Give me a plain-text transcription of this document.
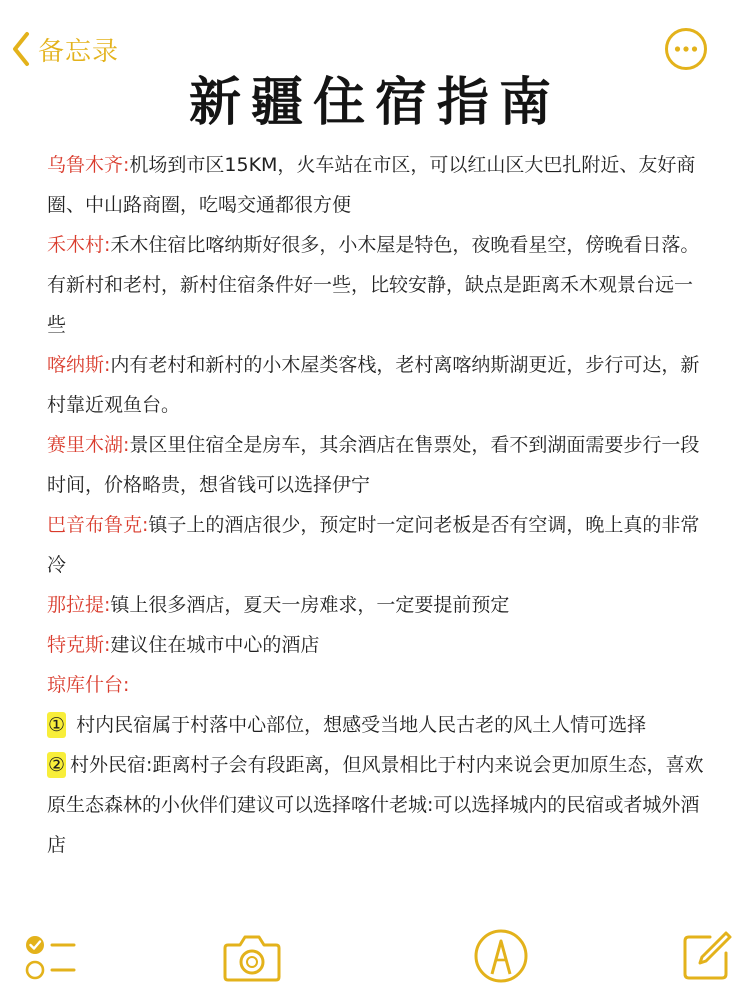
备忘录
新疆住宿指南

乌鲁木齐:机场到市区15KM，火车站在市区，可以红山区大巴扎附近、友好商圈、中山路商圈，吃喝交通都很方便

禾木村:禾木住宿比喀纳斯好很多，小木屋是特色，夜晚看星空，傍晚看日落。有新村和老村，新村住宿条件好一些，比较安静，缺点是距离禾木观景台远一些

喀纳斯:内有老村和新村的小木屋类客栈，老村离喀纳斯湖更近，步行可达，新村靠近观鱼台。

赛里木湖:景区里住宿全是房车，其余酒店在售票处，看不到湖面需要步行一段时间，价格略贵，想省钱可以选择伊宁

巴音布鲁克:镇子上的酒店很少，预定时一定问老板是否有空调，晚上真的非常冷

那拉提:镇上很多酒店，夏天一房难求，一定要提前预定

特克斯:建议住在城市中心的酒店

琼库什台:

① 村内民宿属于村落中心部位，想感受当地人民古老的风土人情可选择

② 村外民宿:距离村子会有段距离，但风景相比于村内来说会更加原生态，喜欢原生态森林的小伙伴们建议可以选择喀什老城:可以选择城内的民宿或者城外酒店
